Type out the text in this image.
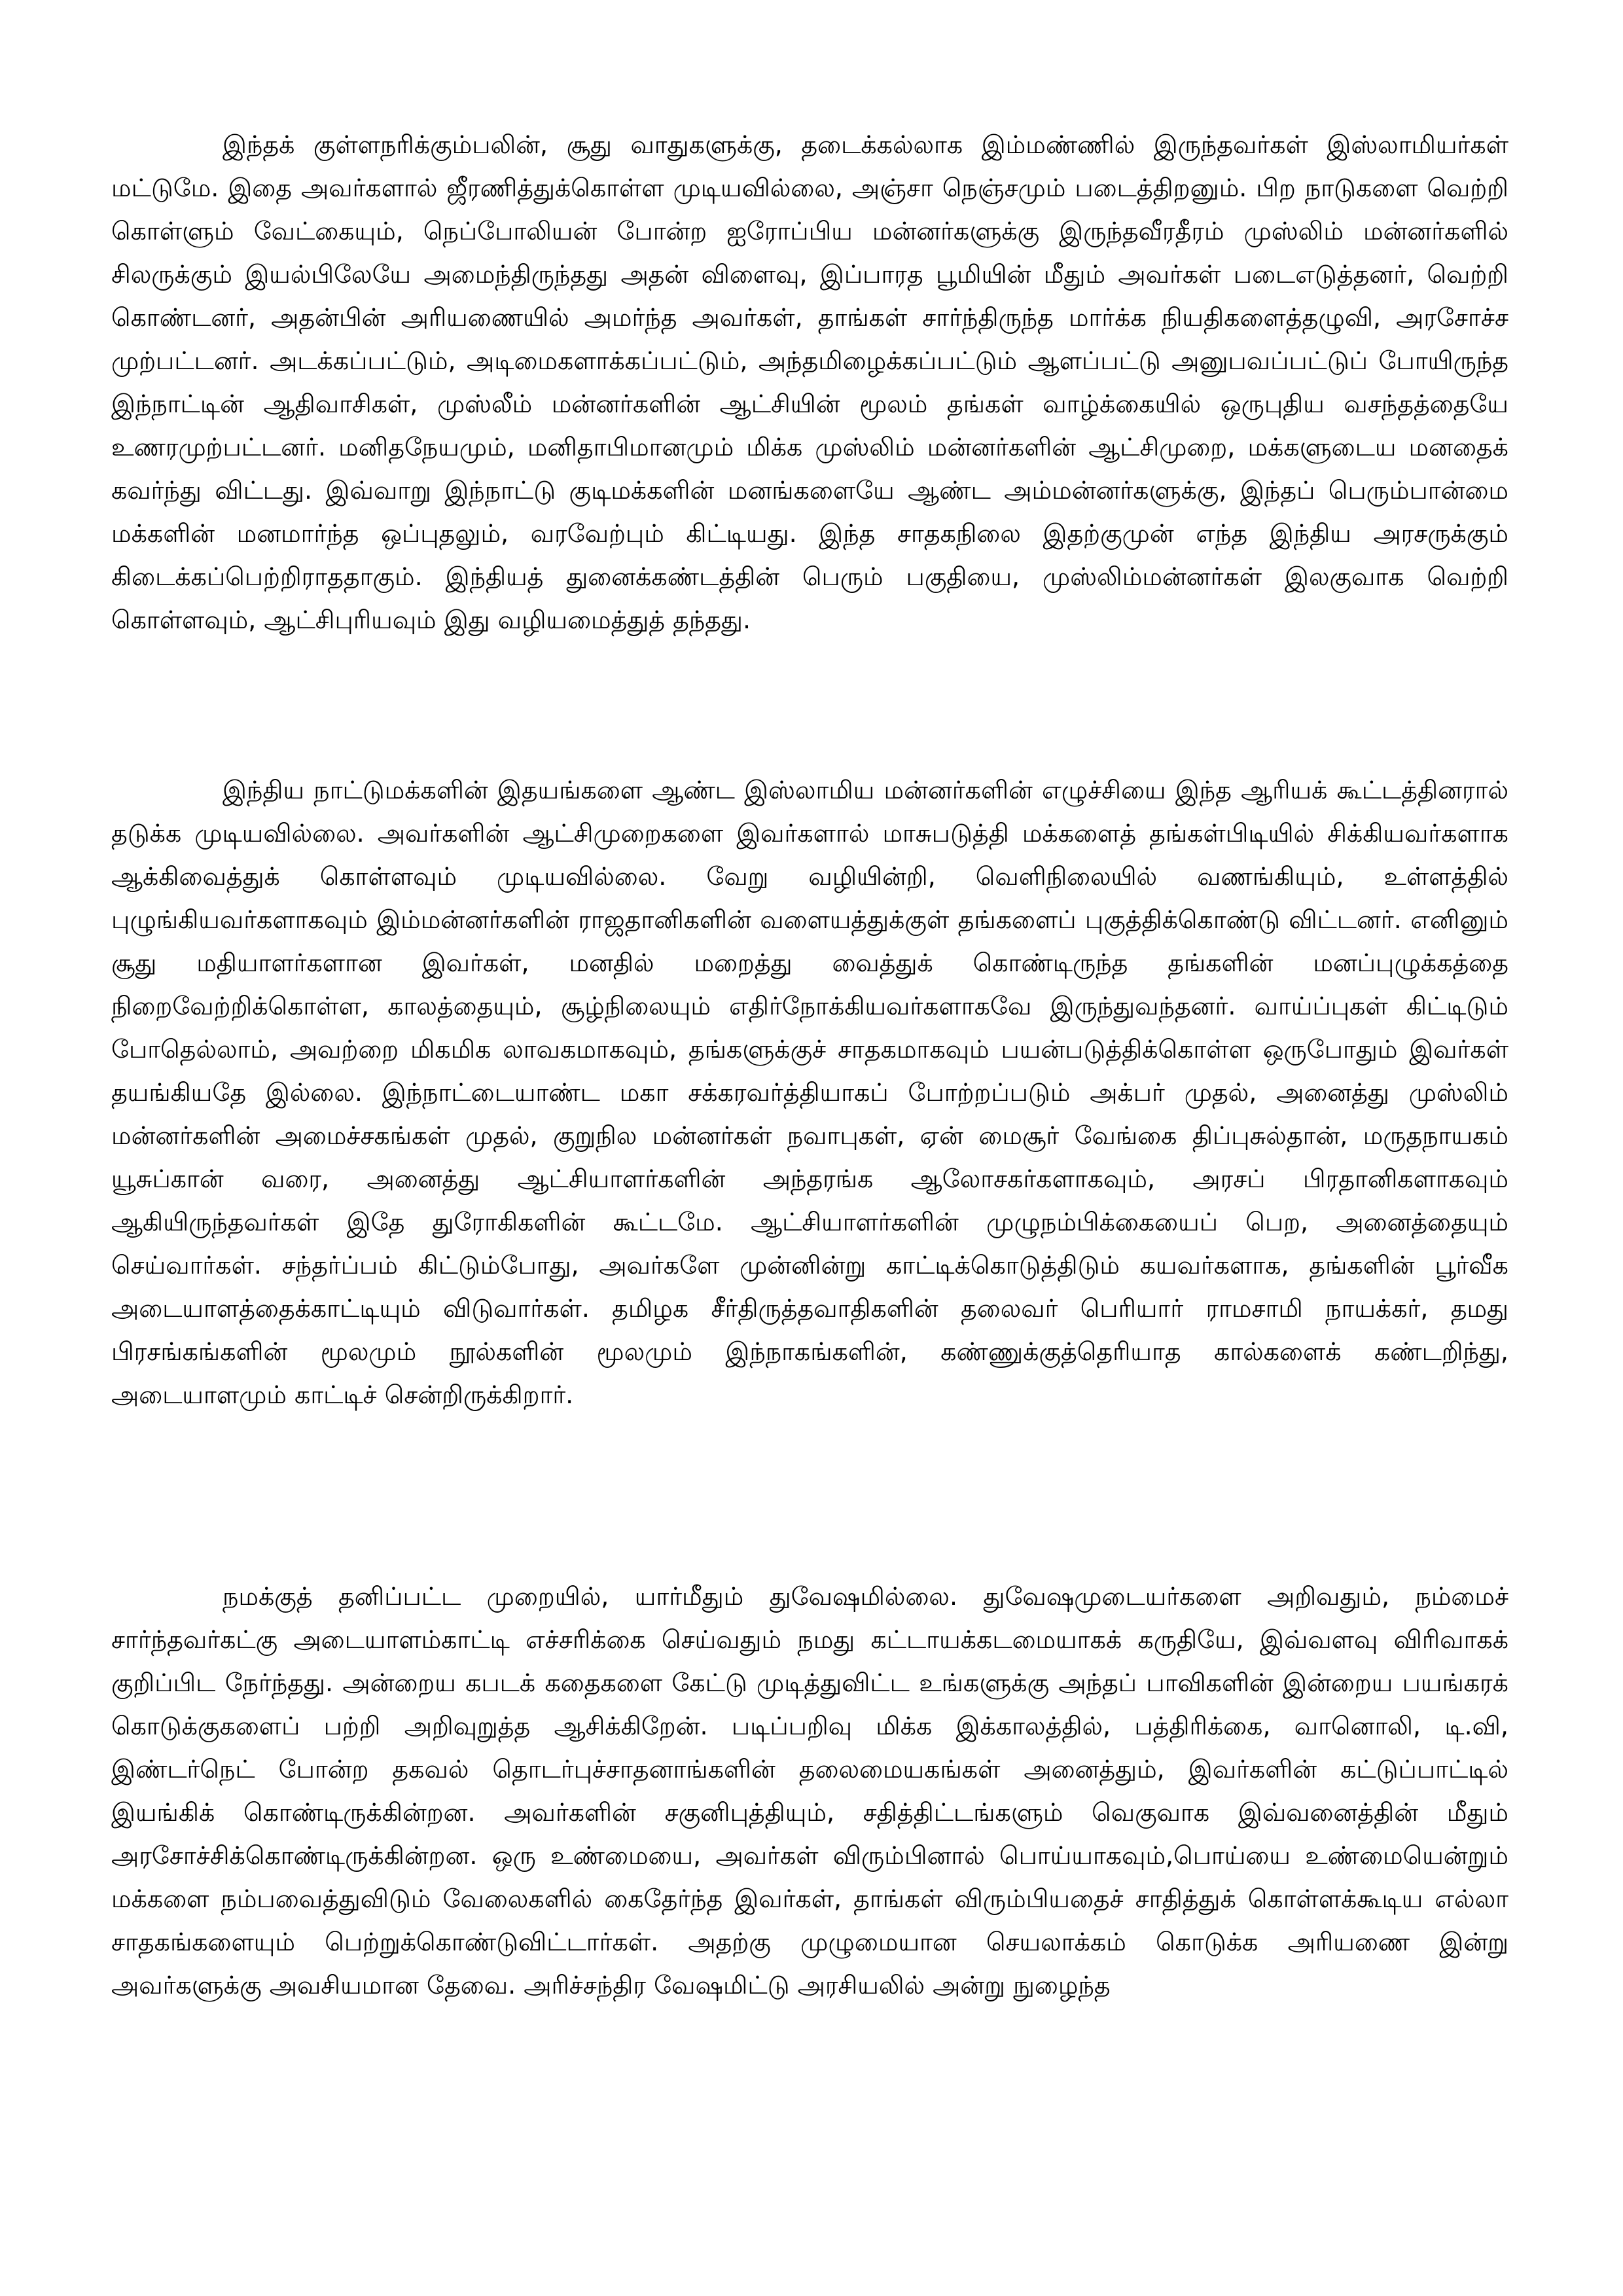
இந்தக் குள்ளநரிக்கும்பலின், சூது வாதுகளுக்கு, தடைக்கல்லாக இம்மண்ணில் இருந்தவர்கள் இஸ்லாமியர்கள் மட்டுமே. இதை அவர்களால் ஜீரணித்துக்கொள்ள முடியவில்லை, அஞ்சா நெஞ்சமும் படைத்திறனும். பிற நாடுகளை வெற்றி கொள்ளும் வேட்கையும், நெப்போலியன் போன்ற ஐரோப்பிய மன்னர்களுக்கு இருந்தவீரதீரம் முஸ்லிம் மன்னர்களில் சிலருக்கும் இயல்பிலேயே அமைந்திருந்தது அதன் விளைவு, இப்பாரத பூமியின் மீதும் அவர்கள் படைஎடுத்தனர், வெற்றி கொண்டனர், அதன்பின் அரியணையில் அமர்ந்த அவர்கள், தாங்கள் சார்ந்திருந்த மார்க்க நியதிகளைத்தழுவி, அரசோச்ச முற்பட்டனர். அடக்கப்பட்டும், அடிமைகளாக்கப்பட்டும், அந்தமிழைக்கப்பட்டும் ஆளப்பட்டு அனுபவப்பட்டுப் போயிருந்த இந்நாட்டின் ஆதிவாசிகள், முஸ்லீம் மன்னர்களின் ஆட்சியின் மூலம் தங்கள் வாழ்க்கையில் ஒருபுதிய வசந்தத்தையே உணரமுற்பட்டனர். மனிதநேயமும், மனிதாபிமானமும் மிக்க முஸ்லிம் மன்னர்களின் ஆட்சிமுறை, மக்களுடைய மனதைக் கவர்ந்து விட்டது. இவ்வாறு இந்நாட்டு குடிமக்களின் மனங்களையே ஆண்ட அம்மன்னர்களுக்கு, இந்தப் பெரும்பான்மை மக்களின் மனமார்ந்த ஒப்புதலும், வரவேற்பும் கிட்டியது. இந்த சாதகநிலை இதற்குமுன் எந்த இந்திய அரசருக்கும் கிடைக்கப்பெற்றிராததாகும். இந்தியத் துனைக்கண்டத்தின் பெரும் பகுதியை, முஸ்லிம்மன்னர்கள் இலகுவாக வெற்றி கொள்ளவும், ஆட்சிபுரியவும் இது வழியமைத்துத் தந்தது.

இந்திய நாட்டுமக்களின் இதயங்களை ஆண்ட இஸ்லாமிய மன்னர்களின் எழுச்சியை இந்த ஆரியக் கூட்டத்தினரால் தடுக்க முடியவில்லை. அவர்களின் ஆட்சிமுறைகளை இவர்களால் மாசுபடுத்தி மக்களைத் தங்கள்பிடியில் சிக்கியவர்களாக ஆக்கிவைத்துக் கொள்ளவும் முடியவில்லை. வேறு வழியின்றி, வெளிநிலையில் வணங்கியும், உள்ளத்தில் புழுங்கியவர்களாகவும் இம்மன்னர்களின் ராஜதானிகளின் வளையத்துக்குள் தங்களைப் புகுத்திக்கொண்டு விட்டனர். எனினும் சூது மதியாளர்களான இவர்கள், மனதில் மறைத்து வைத்துக் கொண்டிருந்த தங்களின் மனப்புழுக்கத்தை நிறைவேற்றிக்கொள்ள, காலத்தையும், சூழ்நிலையும் எதிர்நோக்கியவர்களாகவே இருந்துவந்தனர். வாய்ப்புகள் கிட்டிடும் போதெல்லாம், அவற்றை மிகமிக லாவகமாகவும், தங்களுக்குச் சாதகமாகவும் பயன்படுத்திக்கொள்ள ஒருபோதும் இவர்கள் தயங்கியதே இல்லை. இந்நாட்டையாண்ட மகா சக்கரவர்த்தியாகப் போற்றப்படும் அக்பர் முதல், அனைத்து முஸ்லிம் மன்னர்களின் அமைச்சகங்கள் முதல், குறுநில மன்னர்கள் நவாபுகள், ஏன் மைசூர் வேங்கை திப்புசுல்தான், மருதநாயகம் யூசுப்கான் வரை, அனைத்து ஆட்சியாளர்களின் அந்தரங்க ஆலோசகர்களாகவும், அரசப் பிரதானிகளாகவும் ஆகியிருந்தவர்கள் இதே துரோகிகளின் கூட்டமே. ஆட்சியாளர்களின் முழுநம்பிக்கையைப் பெற, அனைத்தையும் செய்வார்கள். சந்தர்ப்பம் கிட்டும்போது, அவர்களே முன்னின்று காட்டிக்கொடுத்திடும் கயவர்களாக, தங்களின் பூர்வீக அடையாளத்தைக்காட்டியும் விடுவார்கள். தமிழக சீர்திருத்தவாதிகளின் தலைவர் பெரியார் ராமசாமி நாயக்கர், தமது பிரசங்கங்களின் மூலமும் நூல்களின் மூலமும் இந்நாகங்களின், கண்ணுக்குத்தெரியாத கால்களைக் கண்டறிந்து, அடையாளமும் காட்டிச் சென்றிருக்கிறார்.

நமக்குத் தனிப்பட்ட முறையில், யார்மீதும் துவேஷமில்லை. துவேஷமுடையர்களை அறிவதும், நம்மைச் சார்ந்தவர்கட்கு அடையாளம்காட்டி எச்சரிக்கை செய்வதும் நமது கட்டாயக்கடமையாகக் கருதியே, இவ்வளவு விரிவாகக் குறிப்பிட நேர்ந்தது. அன்றைய கபடக் கதைகளை கேட்டு முடித்துவிட்ட உங்களுக்கு அந்தப் பாவிகளின் இன்றைய பயங்கரக் கொடுக்குகளைப் பற்றி அறிவுறுத்த ஆசிக்கிறேன். படிப்பறிவு மிக்க இக்காலத்தில், பத்திரிக்கை, வானொலி, டி.வி, இண்டர்நெட் போன்ற தகவல் தொடர்புச்சாதனாங்களின் தலைமையகங்கள் அனைத்தும், இவர்களின் கட்டுப்பாட்டில் இயங்கிக் கொண்டிருக்கின்றன. அவர்களின் சகுனிபுத்தியும், சதித்திட்டங்களும் வெகுவாக இவ்வனைத்தின் மீதும் அரசோச்சிக்கொண்டிருக்கின்றன. ஒரு உண்மையை, அவர்கள் விரும்பினால் பொய்யாகவும்,பொய்யை உண்மையென்றும் மக்களை நம்பவைத்துவிடும் வேலைகளில் கைதேர்ந்த இவர்கள், தாங்கள் விரும்பியதைச் சாதித்துக் கொள்ளக்கூடிய எல்லா சாதகங்களையும் பெற்றுக்கொண்டுவிட்டார்கள். அதற்கு முழுமையான செயலாக்கம் கொடுக்க அரியணை இன்று அவர்களுக்கு அவசியமான தேவை. அரிச்சந்திர வேஷமிட்டு அரசியலில் அன்று நுழைந்த
